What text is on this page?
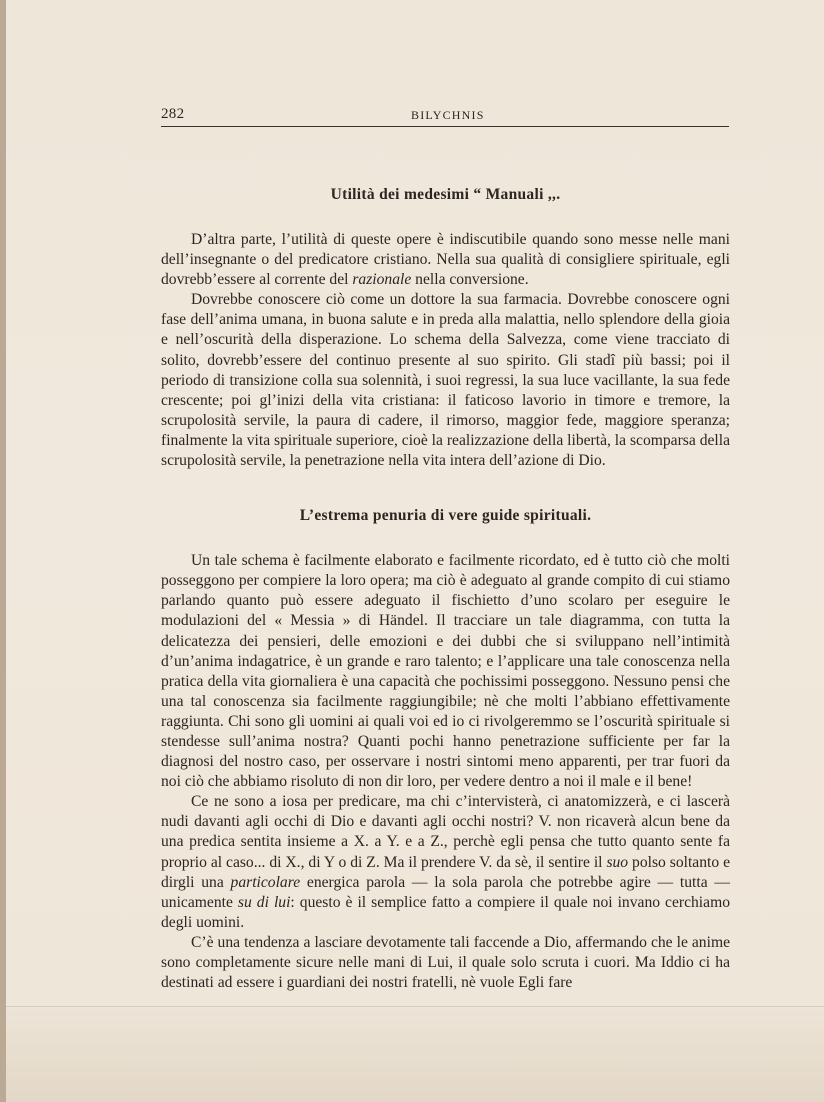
282	BILYCHNIS
Utilità dei medesimi “ Manuali ,,.

D’altra parte, l’utilità di queste opere è indiscutibile quando sono messe nelle mani dell’insegnante o del predicatore cristiano. Nella sua qualità di consigliere spirituale, egli dovrebb’essere al corrente del razionale nella conversione.

Dovrebbe conoscere ciò come un dottore la sua farmacia. Dovrebbe conoscere ogni fase dell’anima umana, in buona salute e in preda alla malattia, nello splendore della gioia e nell’oscurità della disperazione. Lo schema della Salvezza, come viene tracciato di solito, dovrebb’essere del continuo presente al suo spirito. Gli stadî più bassi; poi il periodo di transizione colla sua solennità, i suoi regressi, la sua luce vacillante, la sua fede crescente; poi gl’inizi della vita cristiana: il faticoso lavorio in timore e tremore, la scrupolosità servile, la paura di cadere, il rimorso, maggior fede, maggiore speranza; finalmente la vita spirituale superiore, cioè la realizzazione della libertà, la scomparsa della scrupolosità servile, la penetrazione nella vita intera dell’azione di Dio.

L’estrema penuria di vere guide spirituali.

Un tale schema è facilmente elaborato e facilmente ricordato, ed è tutto ciò che molti posseggono per compiere la loro opera; ma ciò è adeguato al grande compito di cui stiamo parlando quanto può essere adeguato il fischietto d’uno scolaro per eseguire le modulazioni del « Messia » di Händel. Il tracciare un tale diagramma, con tutta la delicatezza dei pensieri, delle emozioni e dei dubbi che si sviluppano nell’intimità d’un’anima indagatrice, è un grande e raro talento; e l’applicare una tale conoscenza nella pratica della vita giornaliera è una capacità che pochissimi posseggono. Nessuno pensi che una tal conoscenza sia facilmente raggiungibile; nè che molti l’abbiano effettivamente raggiunta. Chi sono gli uomini ai quali voi ed io ci rivolgeremmo se l’oscurità spirituale si stendesse sull’anima nostra? Quanti pochi hanno penetrazione sufficiente per far la diagnosi del nostro caso, per osservare i nostri sintomi meno apparenti, per trar fuori da noi ciò che abbiamo risoluto di non dir loro, per vedere dentro a noi il male e il bene!

Ce ne sono a iosa per predicare, ma chi c’intervisterà, ci anatomizzerà, e ci lascerà nudi davanti agli occhi di Dio e davanti agli occhi nostri? V. non ricaverà alcun bene da una predica sentita insieme a X. a Y. e a Z., perchè egli pensa che tutto quanto sente fa proprio al caso... di X., di Y o di Z. Ma il prendere V. da sè, il sentire il suo polso soltanto e dirgli una particolare energica parola — la sola parola che potrebbe agire — tutta — unicamente su di lui: questo è il semplice fatto a compiere il quale noi invano cerchiamo degli uomini.

C’è una tendenza a lasciare devotamente tali faccende a Dio, affermando che le anime sono completamente sicure nelle mani di Lui, il quale solo scruta i cuori. Ma Iddio ci ha destinati ad essere i guardiani dei nostri fratelli, nè vuole Egli fare
